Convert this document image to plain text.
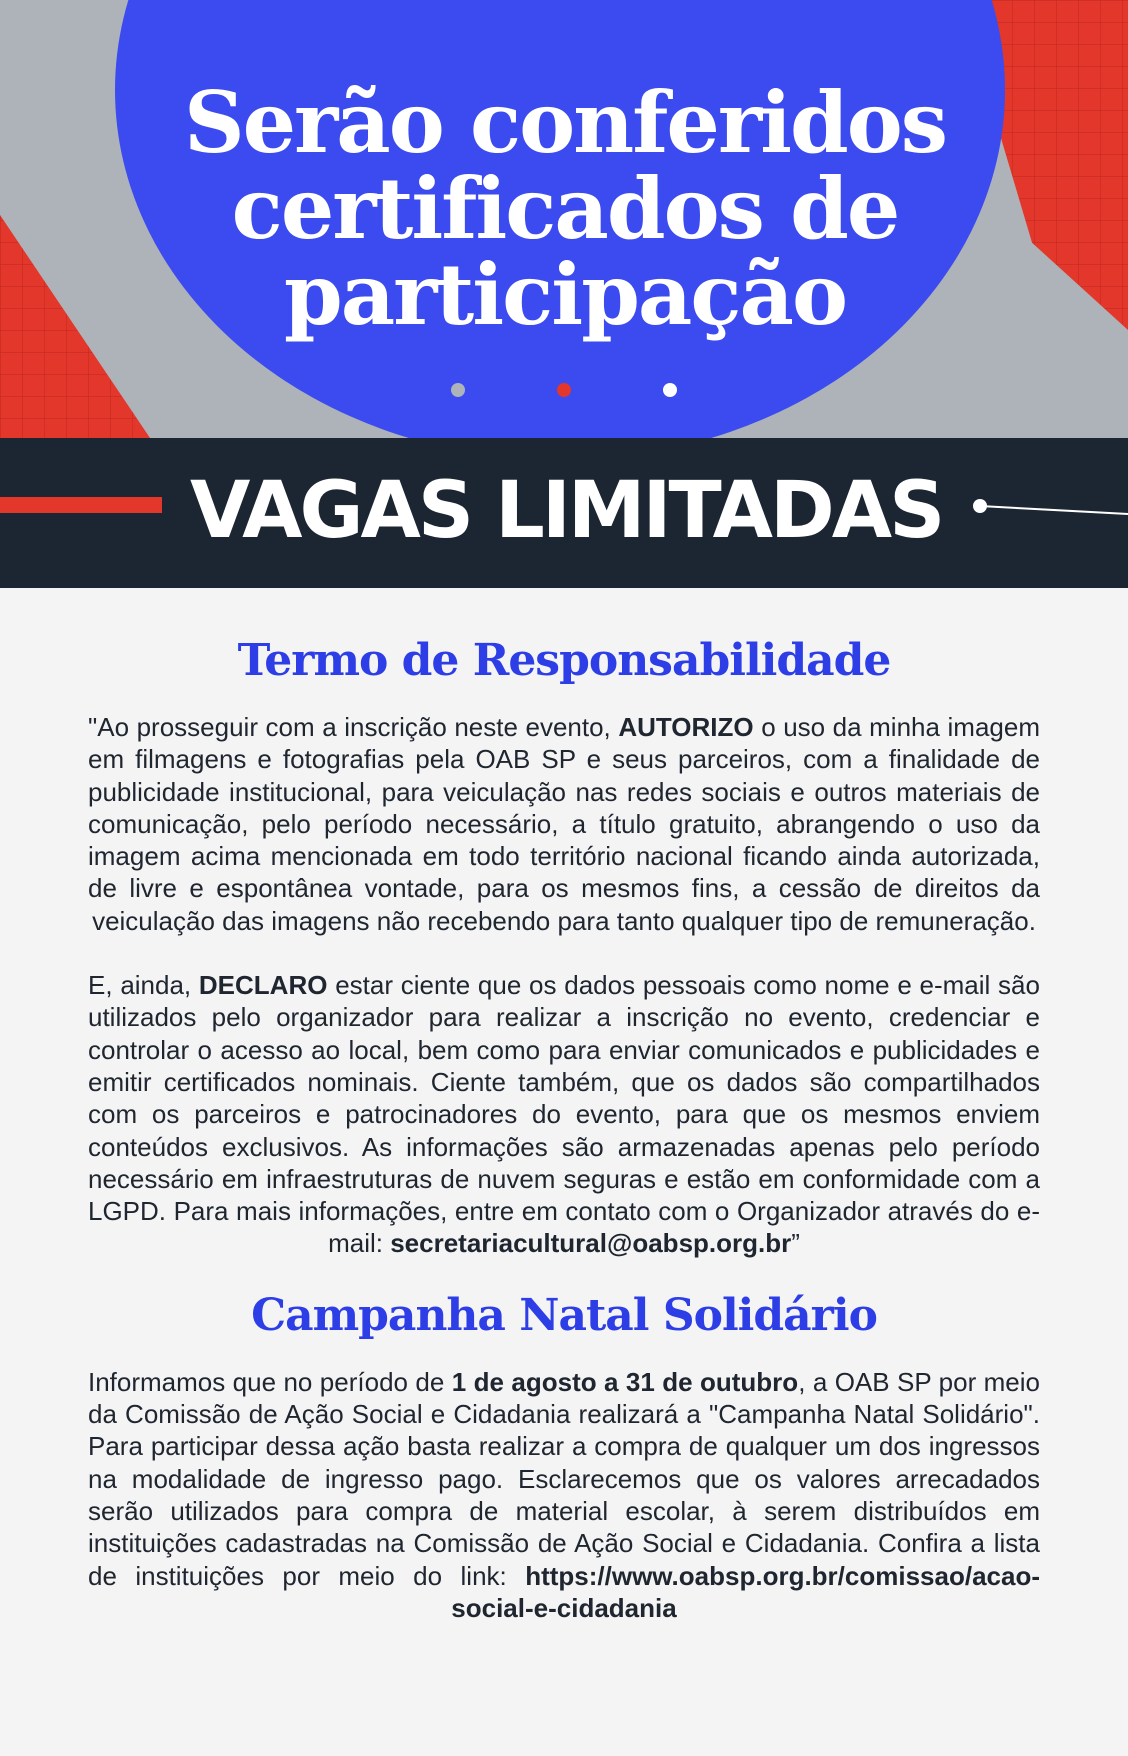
Serão conferidos
certificados de
participação
VAGAS LIMITADAS
Termo de Responsabilidade

"Ao prosseguir com a inscrição neste evento, AUTORIZO o uso da minha imagem em filmagens e fotografias pela OAB SP e seus parceiros, com a finalidade de publicidade institucional, para veiculação nas redes sociais e outros materiais de comunicação, pelo período necessário, a título gratuito, abrangendo o uso da imagem acima mencionada em todo território nacional ficando ainda autorizada, de livre e espontânea vontade, para os mesmos fins, a cessão de direitos da veiculação das imagens não recebendo para tanto qualquer tipo de remuneração.

E, ainda, DECLARO estar ciente que os dados pessoais como nome e e-mail são utilizados pelo organizador para realizar a inscrição no evento, credenciar e controlar o acesso ao local, bem como para enviar comunicados e publicidades e emitir certificados nominais. Ciente também, que os dados são compartilhados com os parceiros e patrocinadores do evento, para que os mesmos enviem conteúdos exclusivos. As informações são armazenadas apenas pelo período necessário em infraestruturas de nuvem seguras e estão em conformidade com a LGPD. Para mais informações, entre em contato com o Organizador através do e-mail: secretariacultural@oabsp.org.br”

Campanha Natal Solidário

Informamos que no período de 1 de agosto a 31 de outubro, a OAB SP por meio da Comissão de Ação Social e Cidadania realizará a "Campanha Natal Solidário". Para participar dessa ação basta realizar a compra de qualquer um dos ingressos na modalidade de ingresso pago. Esclarecemos que os valores arrecadados serão utilizados para compra de material escolar, à serem distribuídos em instituições cadastradas na Comissão de Ação Social e Cidadania. Confira a lista de instituições por meio do link: https://www.oabsp.org.br/comissao/acao-social-e-cidadania
